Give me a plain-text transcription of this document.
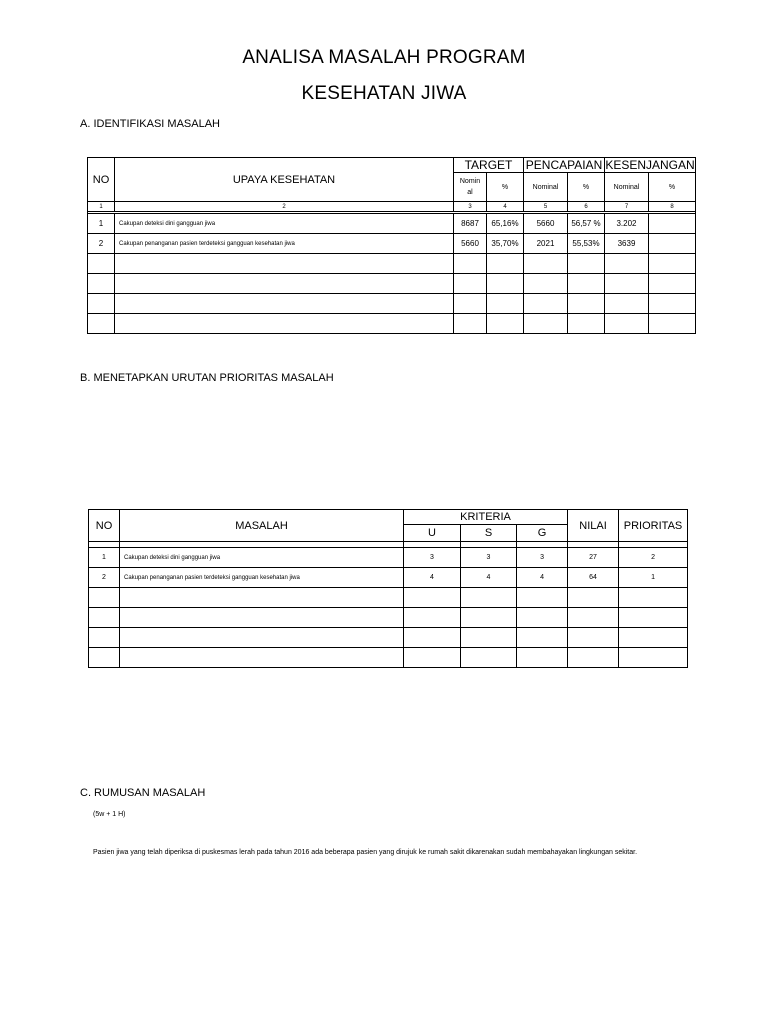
ANALISA MASALAH PROGRAM
KESEHATAN JIWA
A. IDENTIFIKASI MASALAH
NO	UPAYA KESEHATAN	TARGET		PENCAPAIAN		KESENJANGAN	
		Nomin al	%	Nominal	%	Nominal	%
1	2	3	4	5	6	7	8

1	Cakupan deteksi dini gangguan jiwa	8687	65,16%	5660	56,57 %	3.202	
2	Cakupan penanganan pasien terdeteksi gangguan kesehatan jiwa	5660	35,70%	2021	55,53%	3639	

B. MENETAPKAN URUTAN PRIORITAS MASALAH
NO	MASALAH	KRITERIA			NILAI	PRIORITAS
		U	S	G		

1	Cakupan deteksi dini gangguan jiwa	3	3	3	27	2
2	Cakupan penanganan pasien terdeteksi gangguan kesehatan jiwa	4	4	4	64	1

C. RUMUSAN MASALAH
(5w + 1 H)
Pasien jiwa yang telah diperiksa di puskesmas lerah pada tahun 2016 ada beberapa pasien yang dirujuk ke rumah sakit dikarenakan sudah membahayakan lingkungan sekitar.
